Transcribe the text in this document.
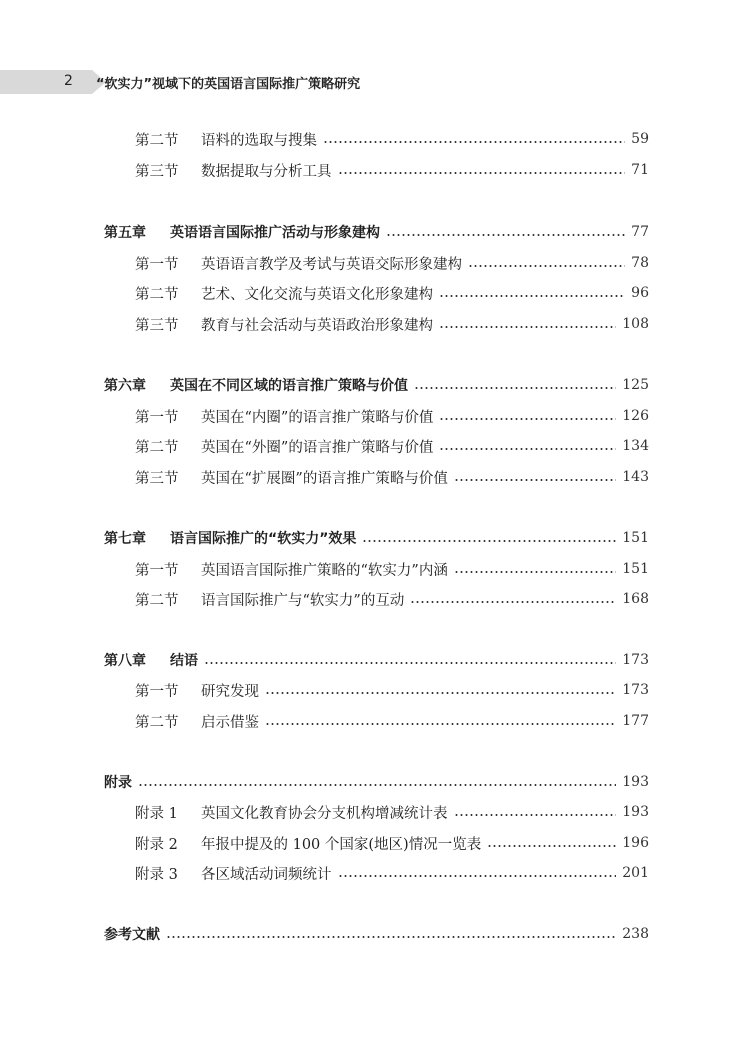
2 “软实力”视域下的英国语言国际推广策略研究
第二节	语料的选取与搜集	59
第三节	数据提取与分析工具	71
第五章	英语语言国际推广活动与形象建构	77
第一节	英语语言教学及考试与英语交际形象建构	78
第二节	艺术、文化交流与英语文化形象建构	96
第三节	教育与社会活动与英语政治形象建构	108
第六章	英国在不同区域的语言推广策略与价值	125
第一节	英国在“内圈”的语言推广策略与价值	126
第二节	英国在“外圈”的语言推广策略与价值	134
第三节	英国在“扩展圈”的语言推广策略与价值	143
第七章	语言国际推广的“软实力”效果	151
第一节	英国语言国际推广策略的“软实力”内涵	151
第二节	语言国际推广与“软实力”的互动	168
第八章	结语	173
第一节	研究发现	173
第二节	启示借鉴	177
附录	193
附录 1	英国文化教育协会分支机构增减统计表	193
附录 2	年报中提及的 100 个国家(地区)情况一览表	196
附录 3	各区域活动词频统计	201
参考文献	238
